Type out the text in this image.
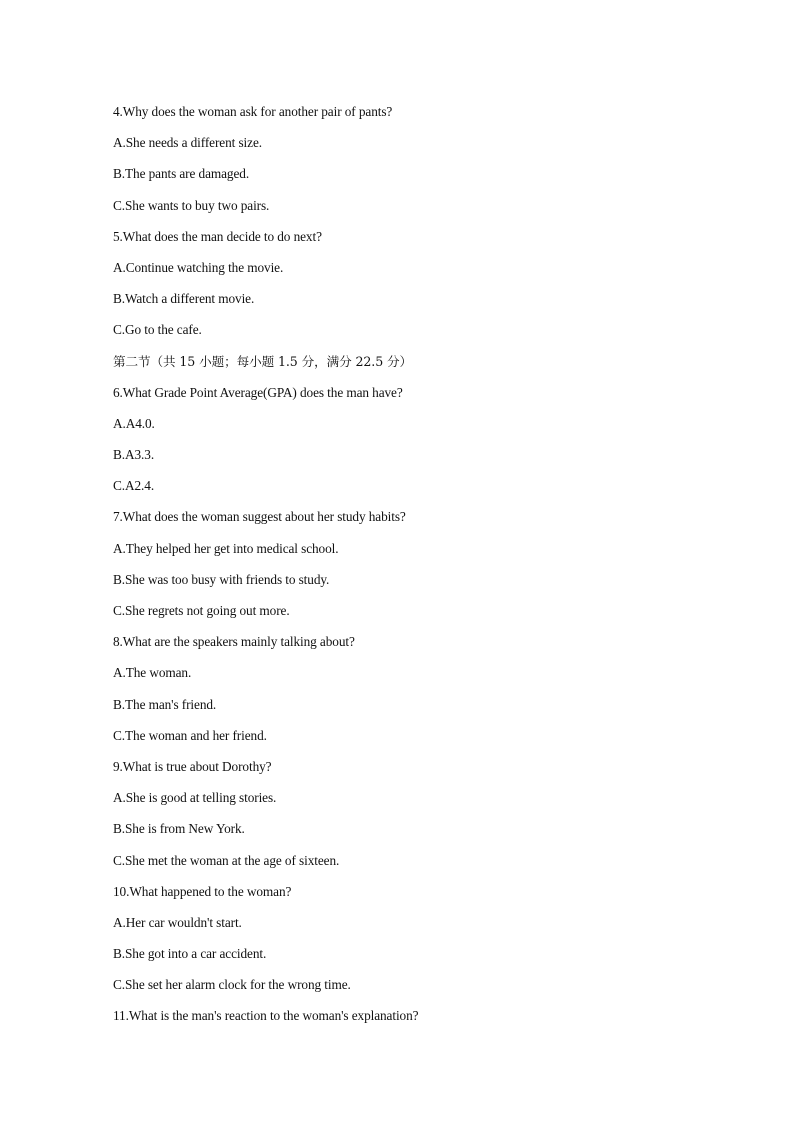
4.Why does the woman ask for another pair of pants?
A.She needs a different size.
B.The pants are damaged.
C.She wants to buy two pairs.
5.What does the man decide to do next?
A.Continue watching the movie.
B.Watch a different movie.
C.Go to the cafe.
第二节（共 15 小题；每小题 1.5 分，满分 22.5 分）
6.What Grade Point Average(GPA) does the man have?
A.A4.0.
B.A3.3.
C.A2.4.
7.What does the woman suggest about her study habits?
A.They helped her get into medical school.
B.She was too busy with friends to study.
C.She regrets not going out more.
8.What are the speakers mainly talking about?
A.The woman.
B.The man's friend.
C.The woman and her friend.
9.What is true about Dorothy?
A.She is good at telling stories.
B.She is from New York.
C.She met the woman at the age of sixteen.
10.What happened to the woman?
A.Her car wouldn't start.
B.She got into a car accident.
C.She set her alarm clock for the wrong time.
11.What is the man's reaction to the woman's explanation?
